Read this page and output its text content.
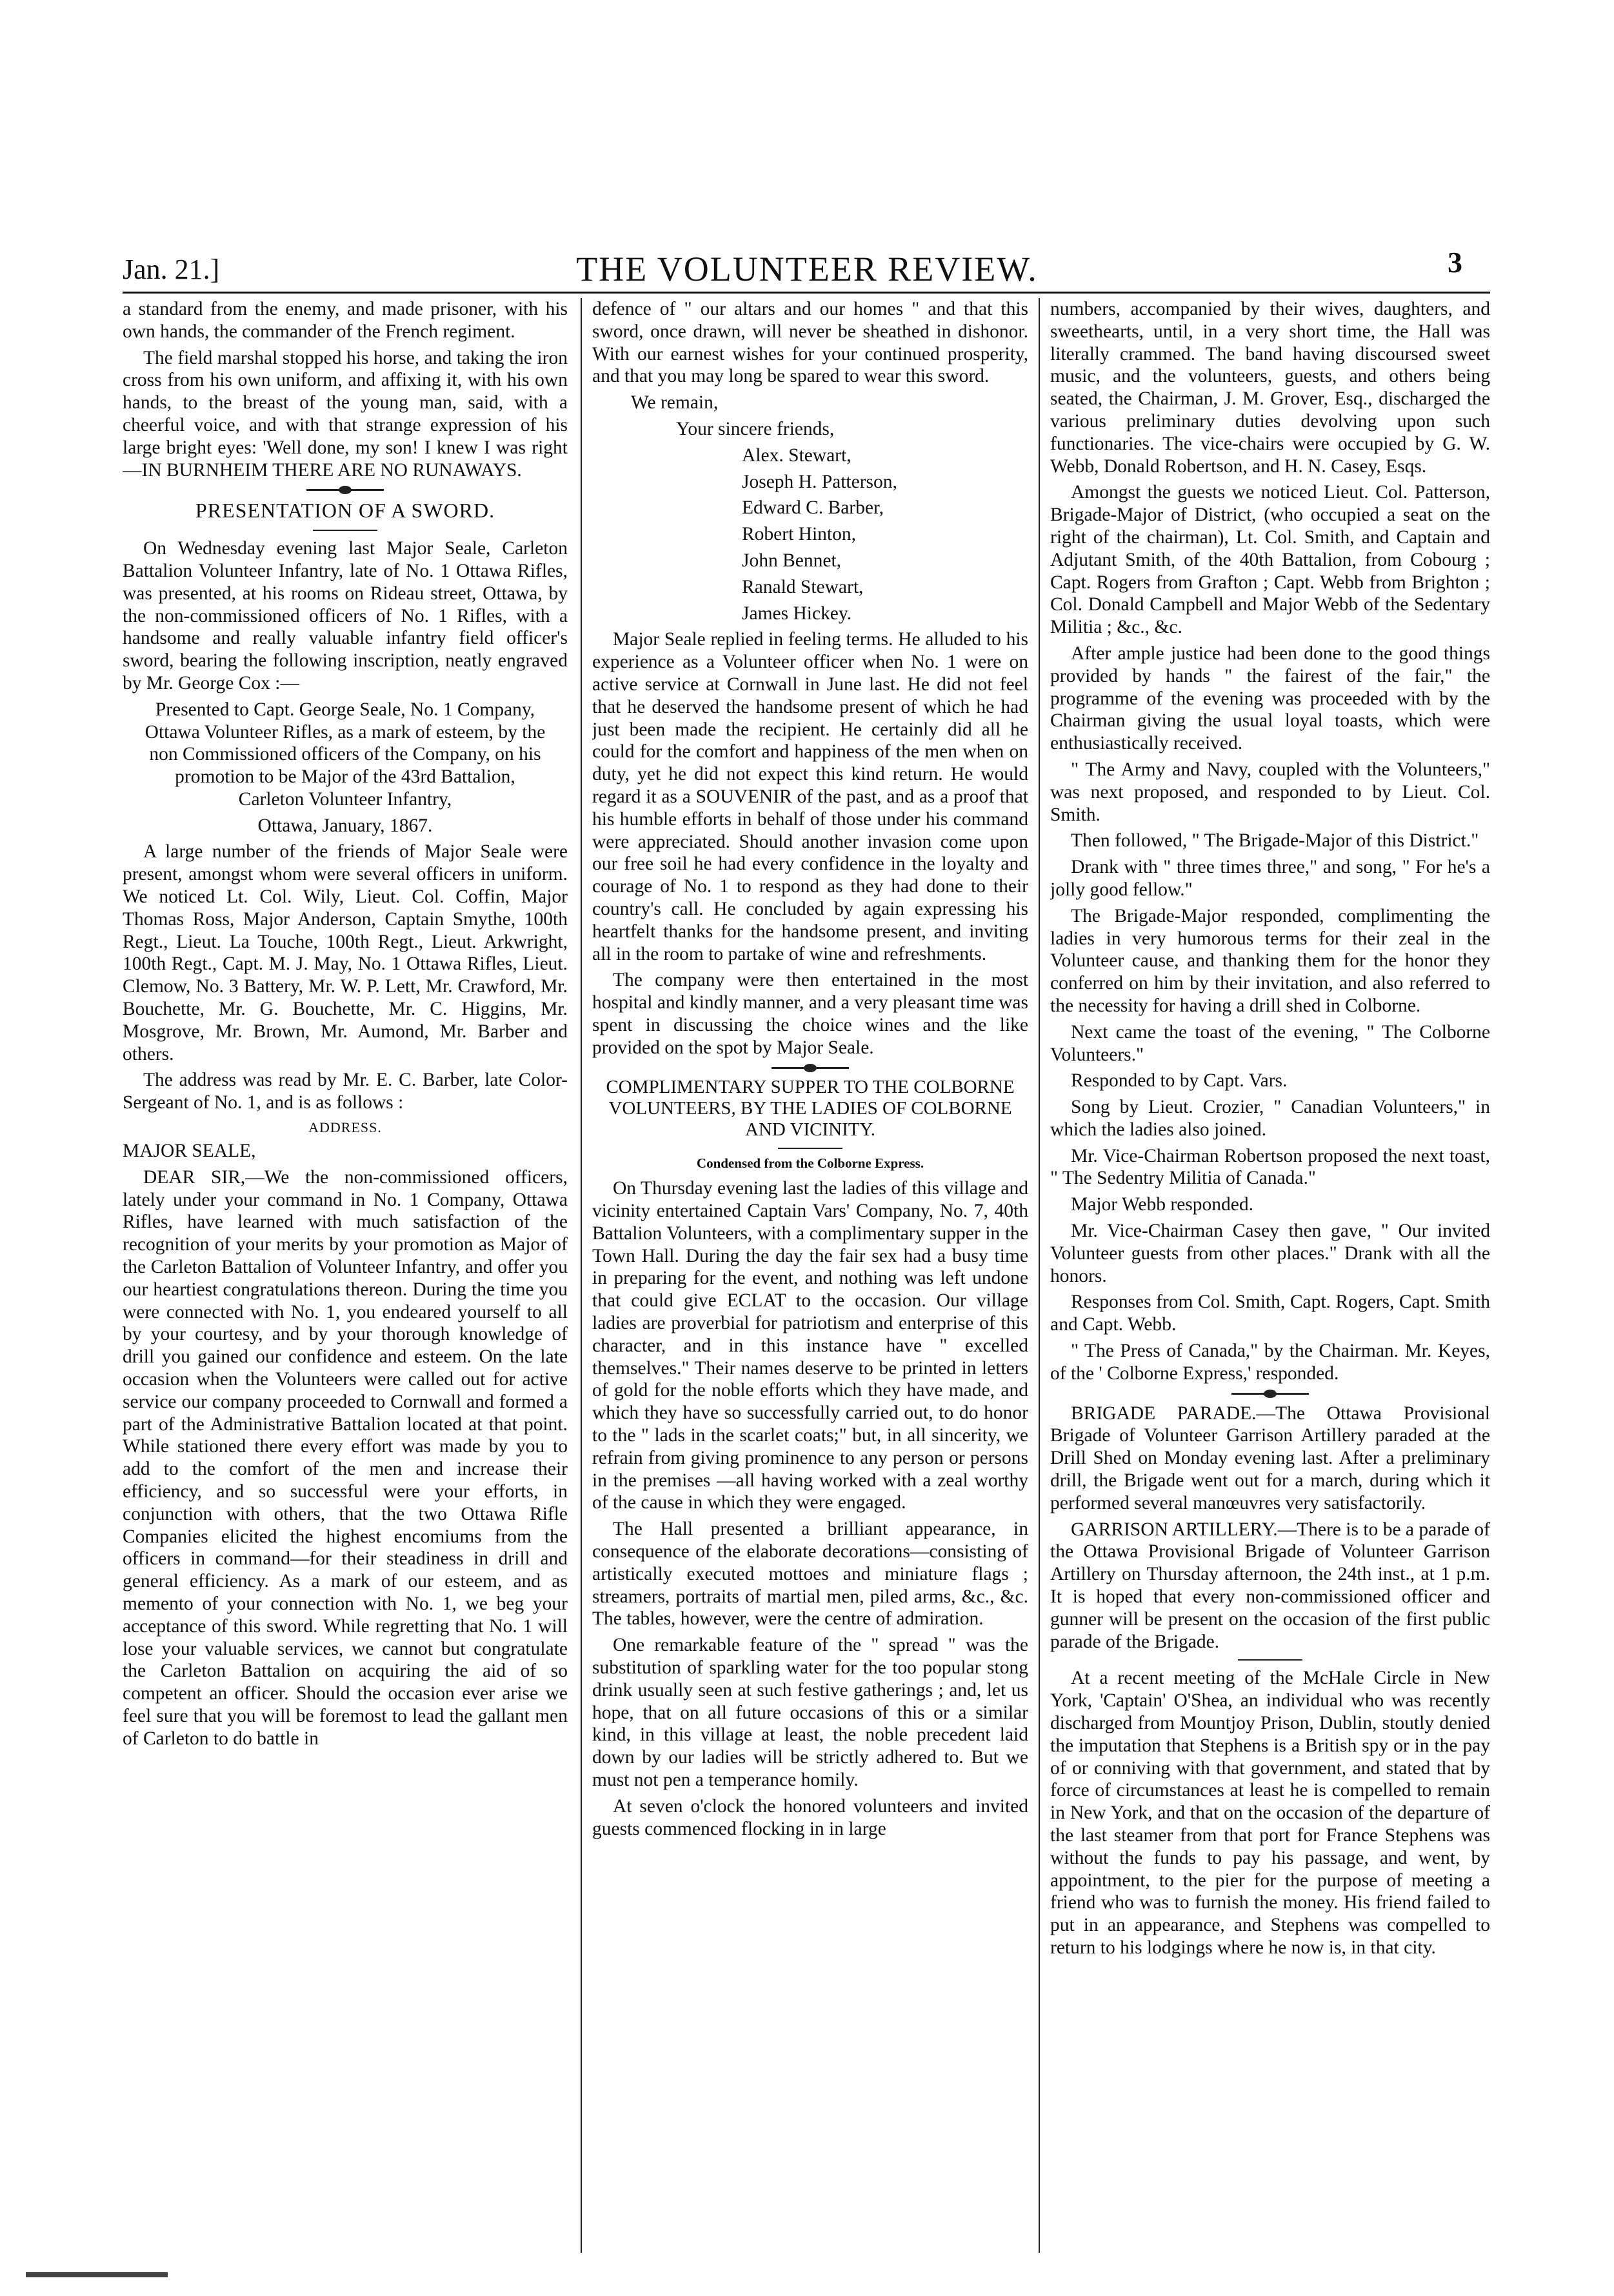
Jan. 21.]	THE VOLUNTEER REVIEW.	3

a standard from the enemy, and made prisoner, with his own hands, the commander of the French regiment.

The field marshal stopped his horse, and taking the iron cross from his own uniform, and affixing it, with his own hands, to the breast of the young man, said, with a cheerful voice, and with that strange expression of his large bright eyes: 'Well done, my son! I knew I was right—IN BURNHEIM THERE ARE NO RUNAWAYS.

PRESENTATION OF A SWORD.

On Wednesday evening last Major Seale, Carleton Battalion Volunteer Infantry, late of No. 1 Ottawa Rifles, was presented, at his rooms on Rideau street, Ottawa, by the non-commissioned officers of No. 1 Rifles, with a handsome and really valuable infantry field officer's sword, bearing the following inscription, neatly engraved by Mr. George Cox :—

Presented to Capt. George Seale, No. 1 Company, Ottawa Volunteer Rifles, as a mark of esteem, by the non Commissioned officers of the Company, on his promotion to be Major of the 43rd Battalion, Carleton Volunteer Infantry,

Ottawa, January, 1867.

A large number of the friends of Major Seale were present, amongst whom were several officers in uniform. We noticed Lt. Col. Wily, Lieut. Col. Coffin, Major Thomas Ross, Major Anderson, Captain Smythe, 100th Regt., Lieut. La Touche, 100th Regt., Lieut. Arkwright, 100th Regt., Capt. M. J. May, No. 1 Ottawa Rifles, Lieut. Clemow, No. 3 Battery, Mr. W. P. Lett, Mr. Crawford, Mr. Bouchette, Mr. G. Bouchette, Mr. C. Higgins, Mr. Mosgrove, Mr. Brown, Mr. Aumond, Mr. Barber and others.

The address was read by Mr. E. C. Barber, late Color-Sergeant of No. 1, and is as follows :

ADDRESS.

MAJOR SEALE,

DEAR SIR,—We the non-commissioned officers, lately under your command in No. 1 Company, Ottawa Rifles, have learned with much satisfaction of the recognition of your merits by your promotion as Major of the Carleton Battalion of Volunteer Infantry, and offer you our heartiest congratulations thereon. During the time you were connected with No. 1, you endeared yourself to all by your courtesy, and by your thorough knowledge of drill you gained our confidence and esteem. On the late occasion when the Volunteers were called out for active service our company proceeded to Cornwall and formed a part of the Administrative Battalion located at that point. While stationed there every effort was made by you to add to the comfort of the men and increase their efficiency, and so successful were your efforts, in conjunction with others, that the two Ottawa Rifle Companies elicited the highest encomiums from the officers in command—for their steadiness in drill and general efficiency. As a mark of our esteem, and as memento of your connection with No. 1, we beg your acceptance of this sword. While regretting that No. 1 will lose your valuable services, we cannot but congratulate the Carleton Battalion on acquiring the aid of so competent an officer. Should the occasion ever arise we feel sure that you will be foremost to lead the gallant men of Carleton to do battle in

defence of " our altars and our homes " and that this sword, once drawn, will never be sheathed in dishonor. With our earnest wishes for your continued prosperity, and that you may long be spared to wear this sword.

We remain,

Your sincere friends,

Alex. Stewart,

Joseph H. Patterson,

Edward C. Barber,

Robert Hinton,

John Bennet,

Ranald Stewart,

James Hickey.

Major Seale replied in feeling terms. He alluded to his experience as a Volunteer officer when No. 1 were on active service at Cornwall in June last. He did not feel that he deserved the handsome present of which he had just been made the recipient. He certainly did all he could for the comfort and happiness of the men when on duty, yet he did not expect this kind return. He would regard it as a SOUVENIR of the past, and as a proof that his humble efforts in behalf of those under his command were appreciated. Should another invasion come upon our free soil he had every confidence in the loyalty and courage of No. 1 to respond as they had done to their country's call. He concluded by again expressing his heartfelt thanks for the handsome present, and inviting all in the room to partake of wine and refreshments.

The company were then entertained in the most hospital and kindly manner, and a very pleasant time was spent in discussing the choice wines and the like provided on the spot by Major Seale.

COMPLIMENTARY SUPPER TO THE COLBORNE VOLUNTEERS, BY THE LADIES OF COLBORNE AND VICINITY.
Condensed from the Colborne Express.

On Thursday evening last the ladies of this village and vicinity entertained Captain Vars' Company, No. 7, 40th Battalion Volunteers, with a complimentary supper in the Town Hall. During the day the fair sex had a busy time in preparing for the event, and nothing was left undone that could give ECLAT to the occasion. Our village ladies are proverbial for patriotism and enterprise of this character, and in this instance have " excelled themselves." Their names deserve to be printed in letters of gold for the noble efforts which they have made, and which they have so successfully carried out, to do honor to the " lads in the scarlet coats;" but, in all sincerity, we refrain from giving prominence to any person or persons in the premises —all having worked with a zeal worthy of the cause in which they were engaged.

The Hall presented a brilliant appearance, in consequence of the elaborate decorations—consisting of artistically executed mottoes and miniature flags ; streamers, portraits of martial men, piled arms, &c., &c. The tables, however, were the centre of admiration.

One remarkable feature of the " spread " was the substitution of sparkling water for the too popular stong drink usually seen at such festive gatherings ; and, let us hope, that on all future occasions of this or a similar kind, in this village at least, the noble precedent laid down by our ladies will be strictly adhered to. But we must not pen a temperance homily.

At seven o'clock the honored volunteers and invited guests commenced flocking in in large

numbers, accompanied by their wives, daughters, and sweethearts, until, in a very short time, the Hall was literally crammed. The band having discoursed sweet music, and the volunteers, guests, and others being seated, the Chairman, J. M. Grover, Esq., discharged the various preliminary duties devolving upon such functionaries. The vice-chairs were occupied by G. W. Webb, Donald Robertson, and H. N. Casey, Esqs.

Amongst the guests we noticed Lieut. Col. Patterson, Brigade-Major of District, (who occupied a seat on the right of the chairman), Lt. Col. Smith, and Captain and Adjutant Smith, of the 40th Battalion, from Cobourg ; Capt. Rogers from Grafton ; Capt. Webb from Brighton ; Col. Donald Campbell and Major Webb of the Sedentary Militia ; &c., &c.

After ample justice had been done to the good things provided by hands " the fairest of the fair," the programme of the evening was proceeded with by the Chairman giving the usual loyal toasts, which were enthusiastically received.

" The Army and Navy, coupled with the Volunteers," was next proposed, and responded to by Lieut. Col. Smith.

Then followed, " The Brigade-Major of this District."

Drank with " three times three," and song, " For he's a jolly good fellow."

The Brigade-Major responded, complimenting the ladies in very humorous terms for their zeal in the Volunteer cause, and thanking them for the honor they conferred on him by their invitation, and also referred to the necessity for having a drill shed in Colborne.

Next came the toast of the evening, " The Colborne Volunteers."

Responded to by Capt. Vars.

Song by Lieut. Crozier, " Canadian Volunteers," in which the ladies also joined.

Mr. Vice-Chairman Robertson proposed the next toast, " The Sedentry Militia of Canada."

Major Webb responded.

Mr. Vice-Chairman Casey then gave, " Our invited Volunteer guests from other places." Drank with all the honors.

Responses from Col. Smith, Capt. Rogers, Capt. Smith and Capt. Webb.

" The Press of Canada," by the Chairman. Mr. Keyes, of the ' Colborne Express,' responded.

BRIGADE PARADE.—The Ottawa Provisional Brigade of Volunteer Garrison Artillery paraded at the Drill Shed on Monday evening last. After a preliminary drill, the Brigade went out for a march, during which it performed several manœuvres very satisfactorily.

GARRISON ARTILLERY.—There is to be a parade of the Ottawa Provisional Brigade of Volunteer Garrison Artillery on Thursday afternoon, the 24th inst., at 1 p.m. It is hoped that every non-commissioned officer and gunner will be present on the occasion of the first public parade of the Brigade.

At a recent meeting of the McHale Circle in New York, 'Captain' O'Shea, an individual who was recently discharged from Mountjoy Prison, Dublin, stoutly denied the imputation that Stephens is a British spy or in the pay of or conniving with that government, and stated that by force of circumstances at least he is compelled to remain in New York, and that on the occasion of the departure of the last steamer from that port for France Stephens was without the funds to pay his passage, and went, by appointment, to the pier for the purpose of meeting a friend who was to furnish the money. His friend failed to put in an appearance, and Stephens was compelled to return to his lodgings where he now is, in that city.
